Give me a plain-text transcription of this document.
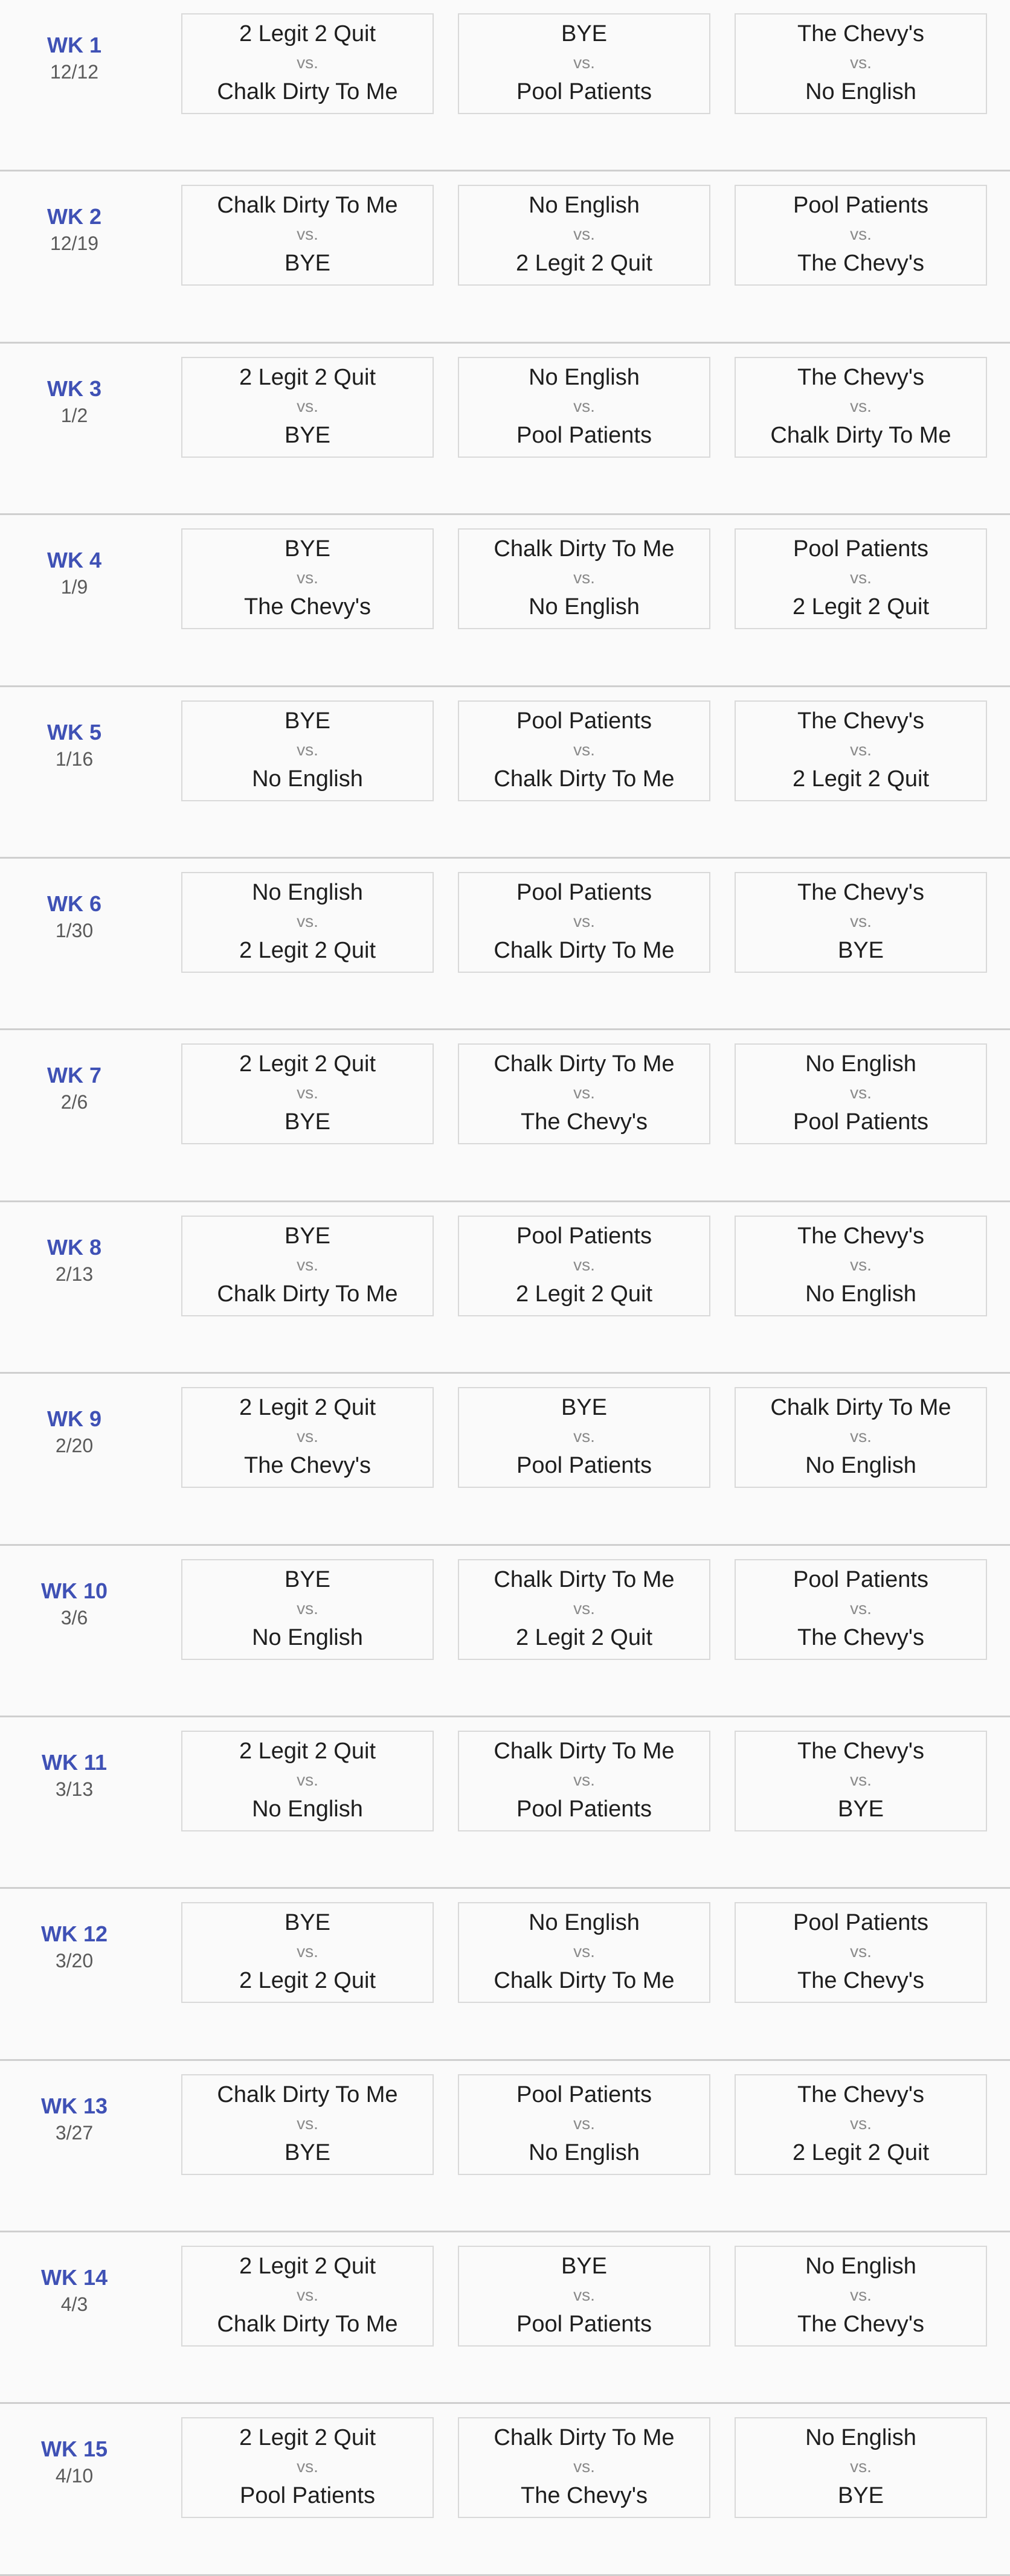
WK 1
12/12
2 Legit 2 Quit
vs.
Chalk Dirty To Me
BYE
vs.
Pool Patients
The Chevy's
vs.
No English
WK 2
12/19
Chalk Dirty To Me
vs.
BYE
No English
vs.
2 Legit 2 Quit
Pool Patients
vs.
The Chevy's
WK 3
1/2
2 Legit 2 Quit
vs.
BYE
No English
vs.
Pool Patients
The Chevy's
vs.
Chalk Dirty To Me
WK 4
1/9
BYE
vs.
The Chevy's
Chalk Dirty To Me
vs.
No English
Pool Patients
vs.
2 Legit 2 Quit
WK 5
1/16
BYE
vs.
No English
Pool Patients
vs.
Chalk Dirty To Me
The Chevy's
vs.
2 Legit 2 Quit
WK 6
1/30
No English
vs.
2 Legit 2 Quit
Pool Patients
vs.
Chalk Dirty To Me
The Chevy's
vs.
BYE
WK 7
2/6
2 Legit 2 Quit
vs.
BYE
Chalk Dirty To Me
vs.
The Chevy's
No English
vs.
Pool Patients
WK 8
2/13
BYE
vs.
Chalk Dirty To Me
Pool Patients
vs.
2 Legit 2 Quit
The Chevy's
vs.
No English
WK 9
2/20
2 Legit 2 Quit
vs.
The Chevy's
BYE
vs.
Pool Patients
Chalk Dirty To Me
vs.
No English
WK 10
3/6
BYE
vs.
No English
Chalk Dirty To Me
vs.
2 Legit 2 Quit
Pool Patients
vs.
The Chevy's
WK 11
3/13
2 Legit 2 Quit
vs.
No English
Chalk Dirty To Me
vs.
Pool Patients
The Chevy's
vs.
BYE
WK 12
3/20
BYE
vs.
2 Legit 2 Quit
No English
vs.
Chalk Dirty To Me
Pool Patients
vs.
The Chevy's
WK 13
3/27
Chalk Dirty To Me
vs.
BYE
Pool Patients
vs.
No English
The Chevy's
vs.
2 Legit 2 Quit
WK 14
4/3
2 Legit 2 Quit
vs.
Chalk Dirty To Me
BYE
vs.
Pool Patients
No English
vs.
The Chevy's
WK 15
4/10
2 Legit 2 Quit
vs.
Pool Patients
Chalk Dirty To Me
vs.
The Chevy's
No English
vs.
BYE
